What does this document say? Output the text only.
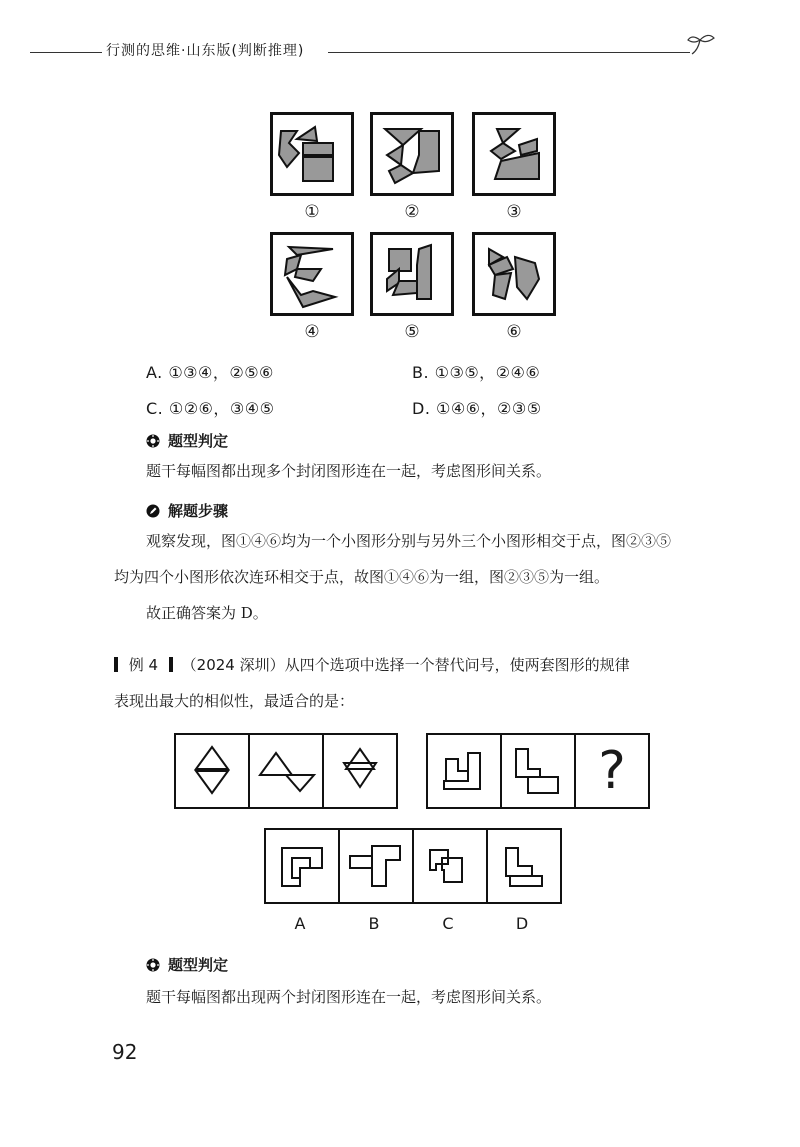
行测的思维·山东版(判断推理)
①	②	③
④	⑤	⑥
A. ①③④，②⑤⑥	B. ①③⑤，②④⑥
C. ①②⑥，③④⑤	D. ①④⑥，②③⑤
题型判定
题干每幅图都出现多个封闭图形连在一起，考虑图形间关系。
解题步骤
观察发现，图①④⑥均为一个小图形分别与另外三个小图形相交于点，图②③⑤
均为四个小图形依次连环相交于点，故图①④⑥为一组，图②③⑤为一组。
故正确答案为 D。
例 4 （2024 深圳）从四个选项中选择一个替代问号，使两套图形的规律
表现出最大的相似性，最适合的是：
?
A	B	C	D
题型判定
题干每幅图都出现两个封闭图形连在一起，考虑图形间关系。
92
